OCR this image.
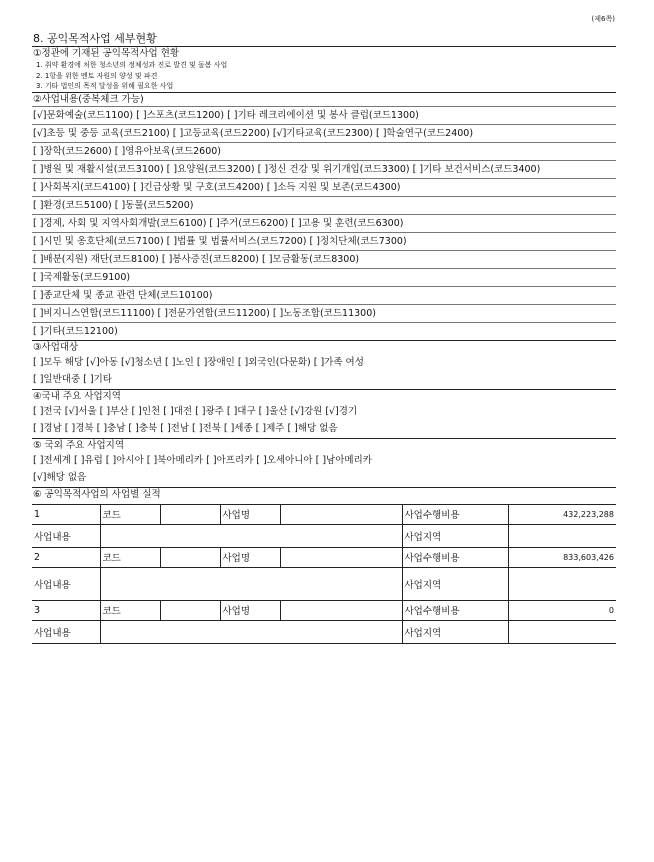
(제6쪽)
8. 공익목적사업 세부현황
①정관에 기재된 공익목적사업 현황
1. 취약 환경에 처한 청소년의 정체성과 진로 발견 및 돌봄 사업
2. 1항을 위한 멘토 자원의 양성 및 파견
3. 기타 법인의 목적 달성을 위해 필요한 사업
②사업내용(중복체크 가능)
[√]문화예술(코드1100) [ ]스포츠(코드1200) [ ]기타 레크리에이션 및 봉사 클럽(코드1300)
[√]초등 및 중등 교육(코드2100) [ ]고등교육(코드2200) [√]기타교육(코드2300) [ ]학술연구(코드2400)
[ ]장학(코드2600) [ ]영유아보육(코드2600)
[ ]병원 및 재활시설(코드3100) [ ]요양원(코드3200) [ ]정신 건강 및 위기개입(코드3300) [ ]기타 보건서비스(코드3400)
[ ]사회복지(코드4100) [ ]긴급상황 및 구호(코드4200) [ ]소득 지원 및 보존(코드4300)
[ ]환경(코드5100) [ ]동물(코드5200)
[ ]경제, 사회 및 지역사회개발(코드6100) [ ]주거(코드6200) [ ]고용 및 훈련(코드6300)
[ ]시민 및 옹호단체(코드7100) [ ]법률 및 법률서비스(코드7200) [ ]정치단체(코드7300)
[ ]배분(지원) 재단(코드8100) [ ]봉사증진(코드8200) [ ]모금활동(코드8300)
[ ]국제활동(코드9100)
[ ]종교단체 및 종교 관련 단체(코드10100)
[ ]비지니스연합(코드11100) [ ]전문가연합(코드11200) [ ]노동조합(코드11300)
[ ]기타(코드12100)
③사업대상
[ ]모두 해당 [√]아동 [√]청소년 [ ]노인 [ ]장애인 [ ]외국인(다문화) [ ]가족 여성
[ ]일반대중 [ ]기타
④국내 주요 사업지역
[ ]전국 [√]서울 [ ]부산 [ ]인천 [ ]대전 [ ]광주 [ ]대구 [ ]울산 [√]강원 [√]경기
[ ]경남 [ ]경북 [ ]충남 [ ]충북 [ ]전남 [ ]전북 [ ]세종 [ ]제주 [ ]해당 없음
⑤ 국외 주요 사업지역
[ ]전세계 [ ]유럽 [ ]아시아 [ ]북아메리카 [ ]아프리카 [ ]오세아니아 [ ]남아메리카
[√]해당 없음
⑥ 공익목적사업의 사업별 실적
1	코드		사업명		사업수행비용	432,223,288
사업내용					사업지역	
2	코드		사업명		사업수행비용	833,603,426
사업내용					사업지역	
3	코드		사업명		사업수행비용	0
사업내용					사업지역	
